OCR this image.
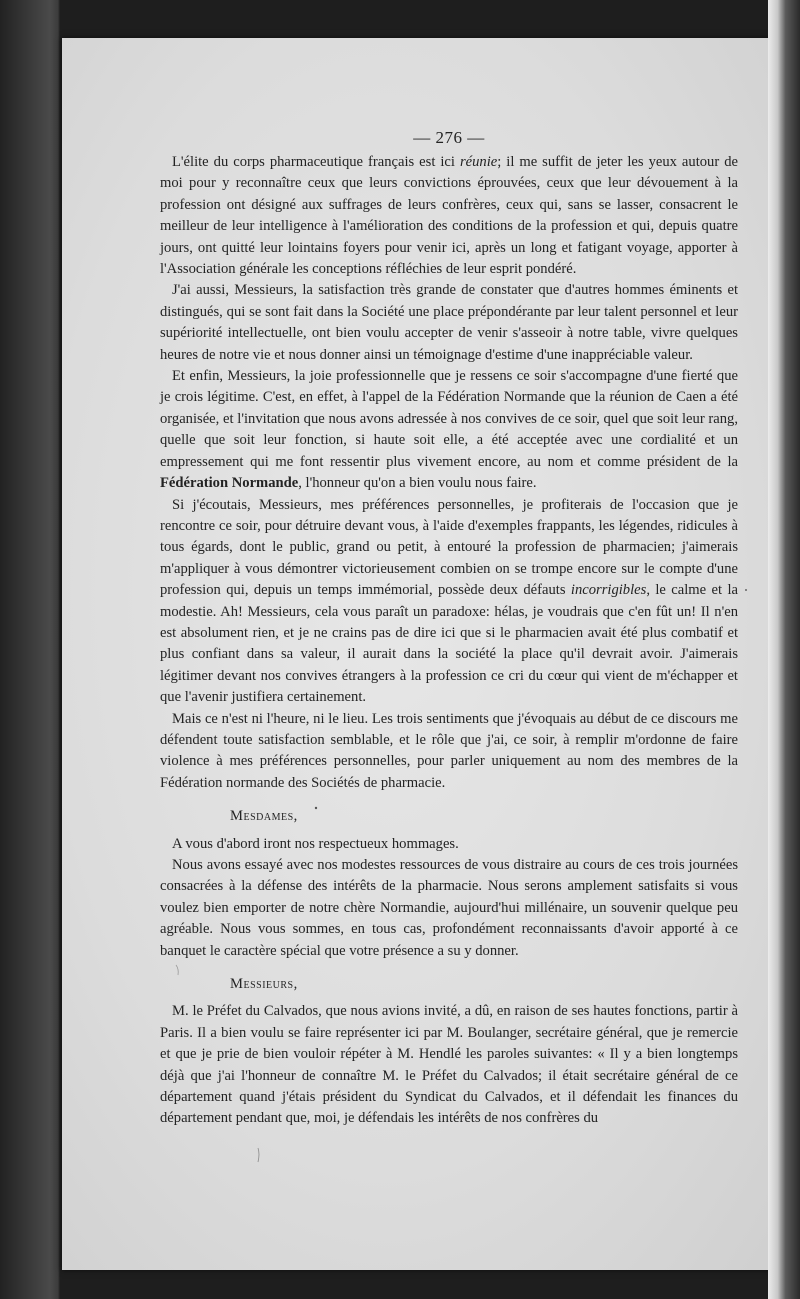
— 276 —

L'élite du corps pharmaceutique français est ici réunie; il me suffit de jeter les yeux autour de moi pour y reconnaître ceux que leurs convictions éprouvées, ceux que leur dévouement à la profession ont désigné aux suffrages de leurs confrères, ceux qui, sans se lasser, consacrent le meilleur de leur intelligence à l'amélioration des conditions de la profession et qui, depuis quatre jours, ont quitté leur lointains foyers pour venir ici, après un long et fatigant voyage, apporter à l'Association générale les conceptions réfléchies de leur esprit pondéré.

J'ai aussi, Messieurs, la satisfaction très grande de constater que d'autres hommes éminents et distingués, qui se sont fait dans la Société une place prépondérante par leur talent personnel et leur supériorité intellectuelle, ont bien voulu accepter de venir s'asseoir à notre table, vivre quelques heures de notre vie et nous donner ainsi un témoignage d'estime d'une inappréciable valeur.

Et enfin, Messieurs, la joie professionnelle que je ressens ce soir s'accompagne d'une fierté que je crois légitime. C'est, en effet, à l'appel de la Fédération Normande que la réunion de Caen a été organisée, et l'invitation que nous avons adressée à nos convives de ce soir, quel que soit leur rang, quelle que soit leur fonction, si haute soit elle, a été acceptée avec une cordialité et un empressement qui me font ressentir plus vivement encore, au nom et comme président de la Fédération Normande, l'honneur qu'on a bien voulu nous faire.

Si j'écoutais, Messieurs, mes préférences personnelles, je profiterais de l'occasion que je rencontre ce soir, pour détruire devant vous, à l'aide d'exemples frappants, les légendes, ridicules à tous égards, dont le public, grand ou petit, à entouré la profession de pharmacien; j'aimerais m'appliquer à vous démontrer victorieusement combien on se trompe encore sur le compte d'une profession qui, depuis un temps immémorial, possède deux défauts incorrigibles, le calme et la modestie. Ah! Messieurs, cela vous paraît un paradoxe: hélas, je voudrais que c'en fût un! Il n'en est absolument rien, et je ne crains pas de dire ici que si le pharmacien avait été plus combatif et plus confiant dans sa valeur, il aurait dans la société la place qu'il devrait avoir. J'aimerais légitimer devant nos convives étrangers à la profession ce cri du cœur qui vient de m'échapper et que l'avenir justifiera certainement.

Mais ce n'est ni l'heure, ni le lieu. Les trois sentiments que j'évoquais au début de ce discours me défendent toute satisfaction semblable, et le rôle que j'ai, ce soir, à remplir m'ordonne de faire violence à mes préférences personnelles, pour parler uniquement au nom des membres de la Fédération normande des Sociétés de pharmacie.

Mesdames,

A vous d'abord iront nos respectueux hommages.

Nous avons essayé avec nos modestes ressources de vous distraire au cours de ces trois journées consacrées à la défense des intérêts de la pharmacie. Nous serons amplement satisfaits si vous voulez bien emporter de notre chère Normandie, aujourd'hui millénaire, un souvenir quelque peu agréable. Nous vous sommes, en tous cas, profondément reconnaissants d'avoir apporté à ce banquet le caractère spécial que votre présence a su y donner.

Messieurs,

M. le Préfet du Calvados, que nous avions invité, a dû, en raison de ses hautes fonctions, partir à Paris. Il a bien voulu se faire représenter ici par M. Boulanger, secrétaire général, que je remercie et que je prie de bien vouloir répéter à M. Hendlé les paroles suivantes: « Il y a bien longtemps déjà que j'ai l'honneur de connaître M. le Préfet du Calvados; il était secrétaire général de ce département quand j'étais président du Syndicat du Calvados, et il défendait les finances du département pendant que, moi, je défendais les intérêts de nos confrères du
